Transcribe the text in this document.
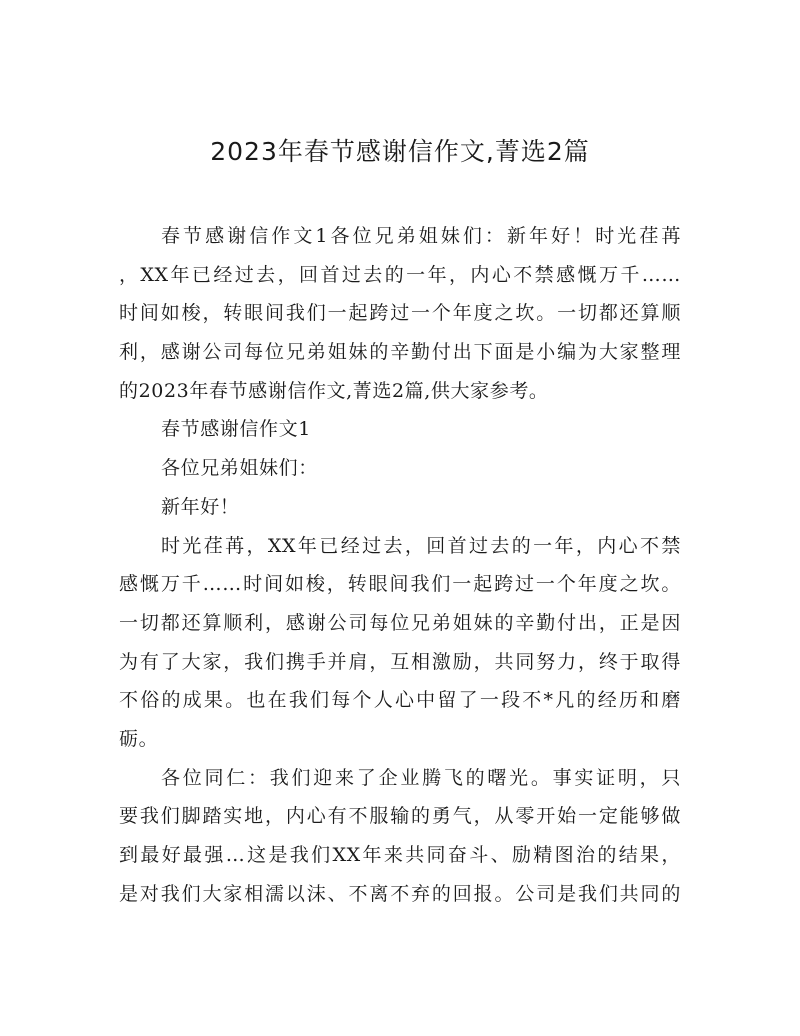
2023年春节感谢信作文,菁选2篇
春节感谢信作文1各位兄弟姐妹们：新年好！时光荏苒
，XX年已经过去，回首过去的一年，内心不禁感慨万千……
时间如梭，转眼间我们一起跨过一个年度之坎。一切都还算顺
利，感谢公司每位兄弟姐妹的辛勤付出下面是小编为大家整理
的2023年春节感谢信作文,菁选2篇,供大家参考。
春节感谢信作文1
各位兄弟姐妹们：
新年好！
时光荏苒，XX年已经过去，回首过去的一年，内心不禁
感慨万千……时间如梭，转眼间我们一起跨过一个年度之坎。
一切都还算顺利，感谢公司每位兄弟姐妹的辛勤付出，正是因
为有了大家，我们携手并肩，互相激励，共同努力，终于取得
不俗的成果。也在我们每个人心中留了一段不*凡的经历和磨
砺。
各位同仁：我们迎来了企业腾飞的曙光。事实证明，只
要我们脚踏实地，内心有不服输的勇气，从零开始一定能够做
到最好最强…这是我们XX年来共同奋斗、励精图治的结果，
是对我们大家相濡以沫、不离不弃的回报。公司是我们共同的
